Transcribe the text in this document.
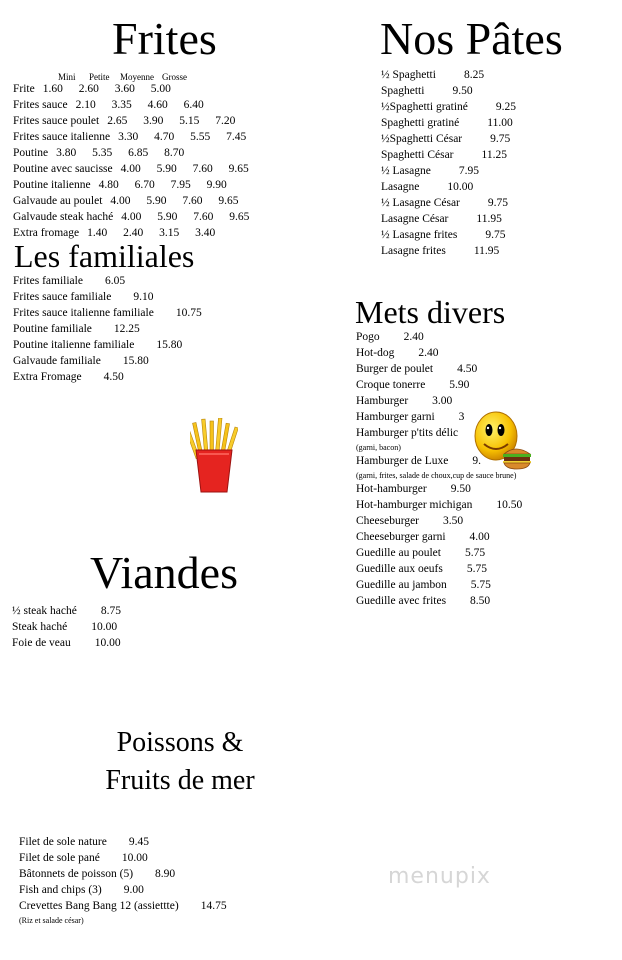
Frites
Mini Petite Moyenne Grosse
Frite 1.60	2.60	3.60	5.00
Frites sauce 2.10	3.35	4.60	6.40
Frites sauce poulet 2.65	3.90	5.15	7.20
Frites sauce italienne 3.30	4.70	5.55	7.45
Poutine 3.80	5.35	6.85	8.70
Poutine avec saucisse 4.00	5.90	7.60	9.65
Poutine italienne 4.80	6.70	7.95	9.90
Galvaude au poulet 4.00	5.90	7.60	9.65
Galvaude steak haché 4.00	5.90	7.60	9.65
Extra fromage 1.40	2.40	3.15	3.40
Les familiales
Frites familiale 6.05
Frites sauce familiale 9.10
Frites sauce italienne familiale 10.75
Poutine familiale 12.25
Poutine italienne familiale 15.80
Galvaude familiale 15.80
Extra Fromage 4.50
Viandes
½ steak haché 8.75
Steak haché 10.00
Foie de veau 10.00
Poissons &
Fruits de mer
Filet de sole nature 9.45
Filet de sole pané 10.00
Bâtonnets de poisson (5) 8.90
Fish and chips (3) 9.00
Crevettes Bang Bang 12 (assiettte) 14.75
(Riz et salade césar)
Nos Pâtes
½ Spaghetti 8.25
Spaghetti 9.50
½Spaghetti gratiné 9.25
Spaghetti gratiné 11.00
½Spaghetti César 9.75
Spaghetti César 11.25
½ Lasagne 7.95
Lasagne 10.00
½ Lasagne César 9.75
Lasagne César 11.95
½ Lasagne frites 9.75
Lasagne frites 11.95
Mets divers
Pogo 2.40
Hot-dog 2.40
Burger de poulet 4.50
Croque tonerre 5.90
Hamburger 3.00
Hamburger garni 3
Hamburger p'tits délic
(garni, bacon)
Hamburger de Luxe 9.
(garni, frites, salade de choux,cup de sauce brune)
Hot-hamburger 9.50
Hot-hamburger michigan 10.50
Cheeseburger 3.50
Cheeseburger garni 4.00
Guedille au poulet 5.75
Guedille aux oeufs 5.75
Guedille au jambon 5.75
Guedille avec frites 8.50
menupix
